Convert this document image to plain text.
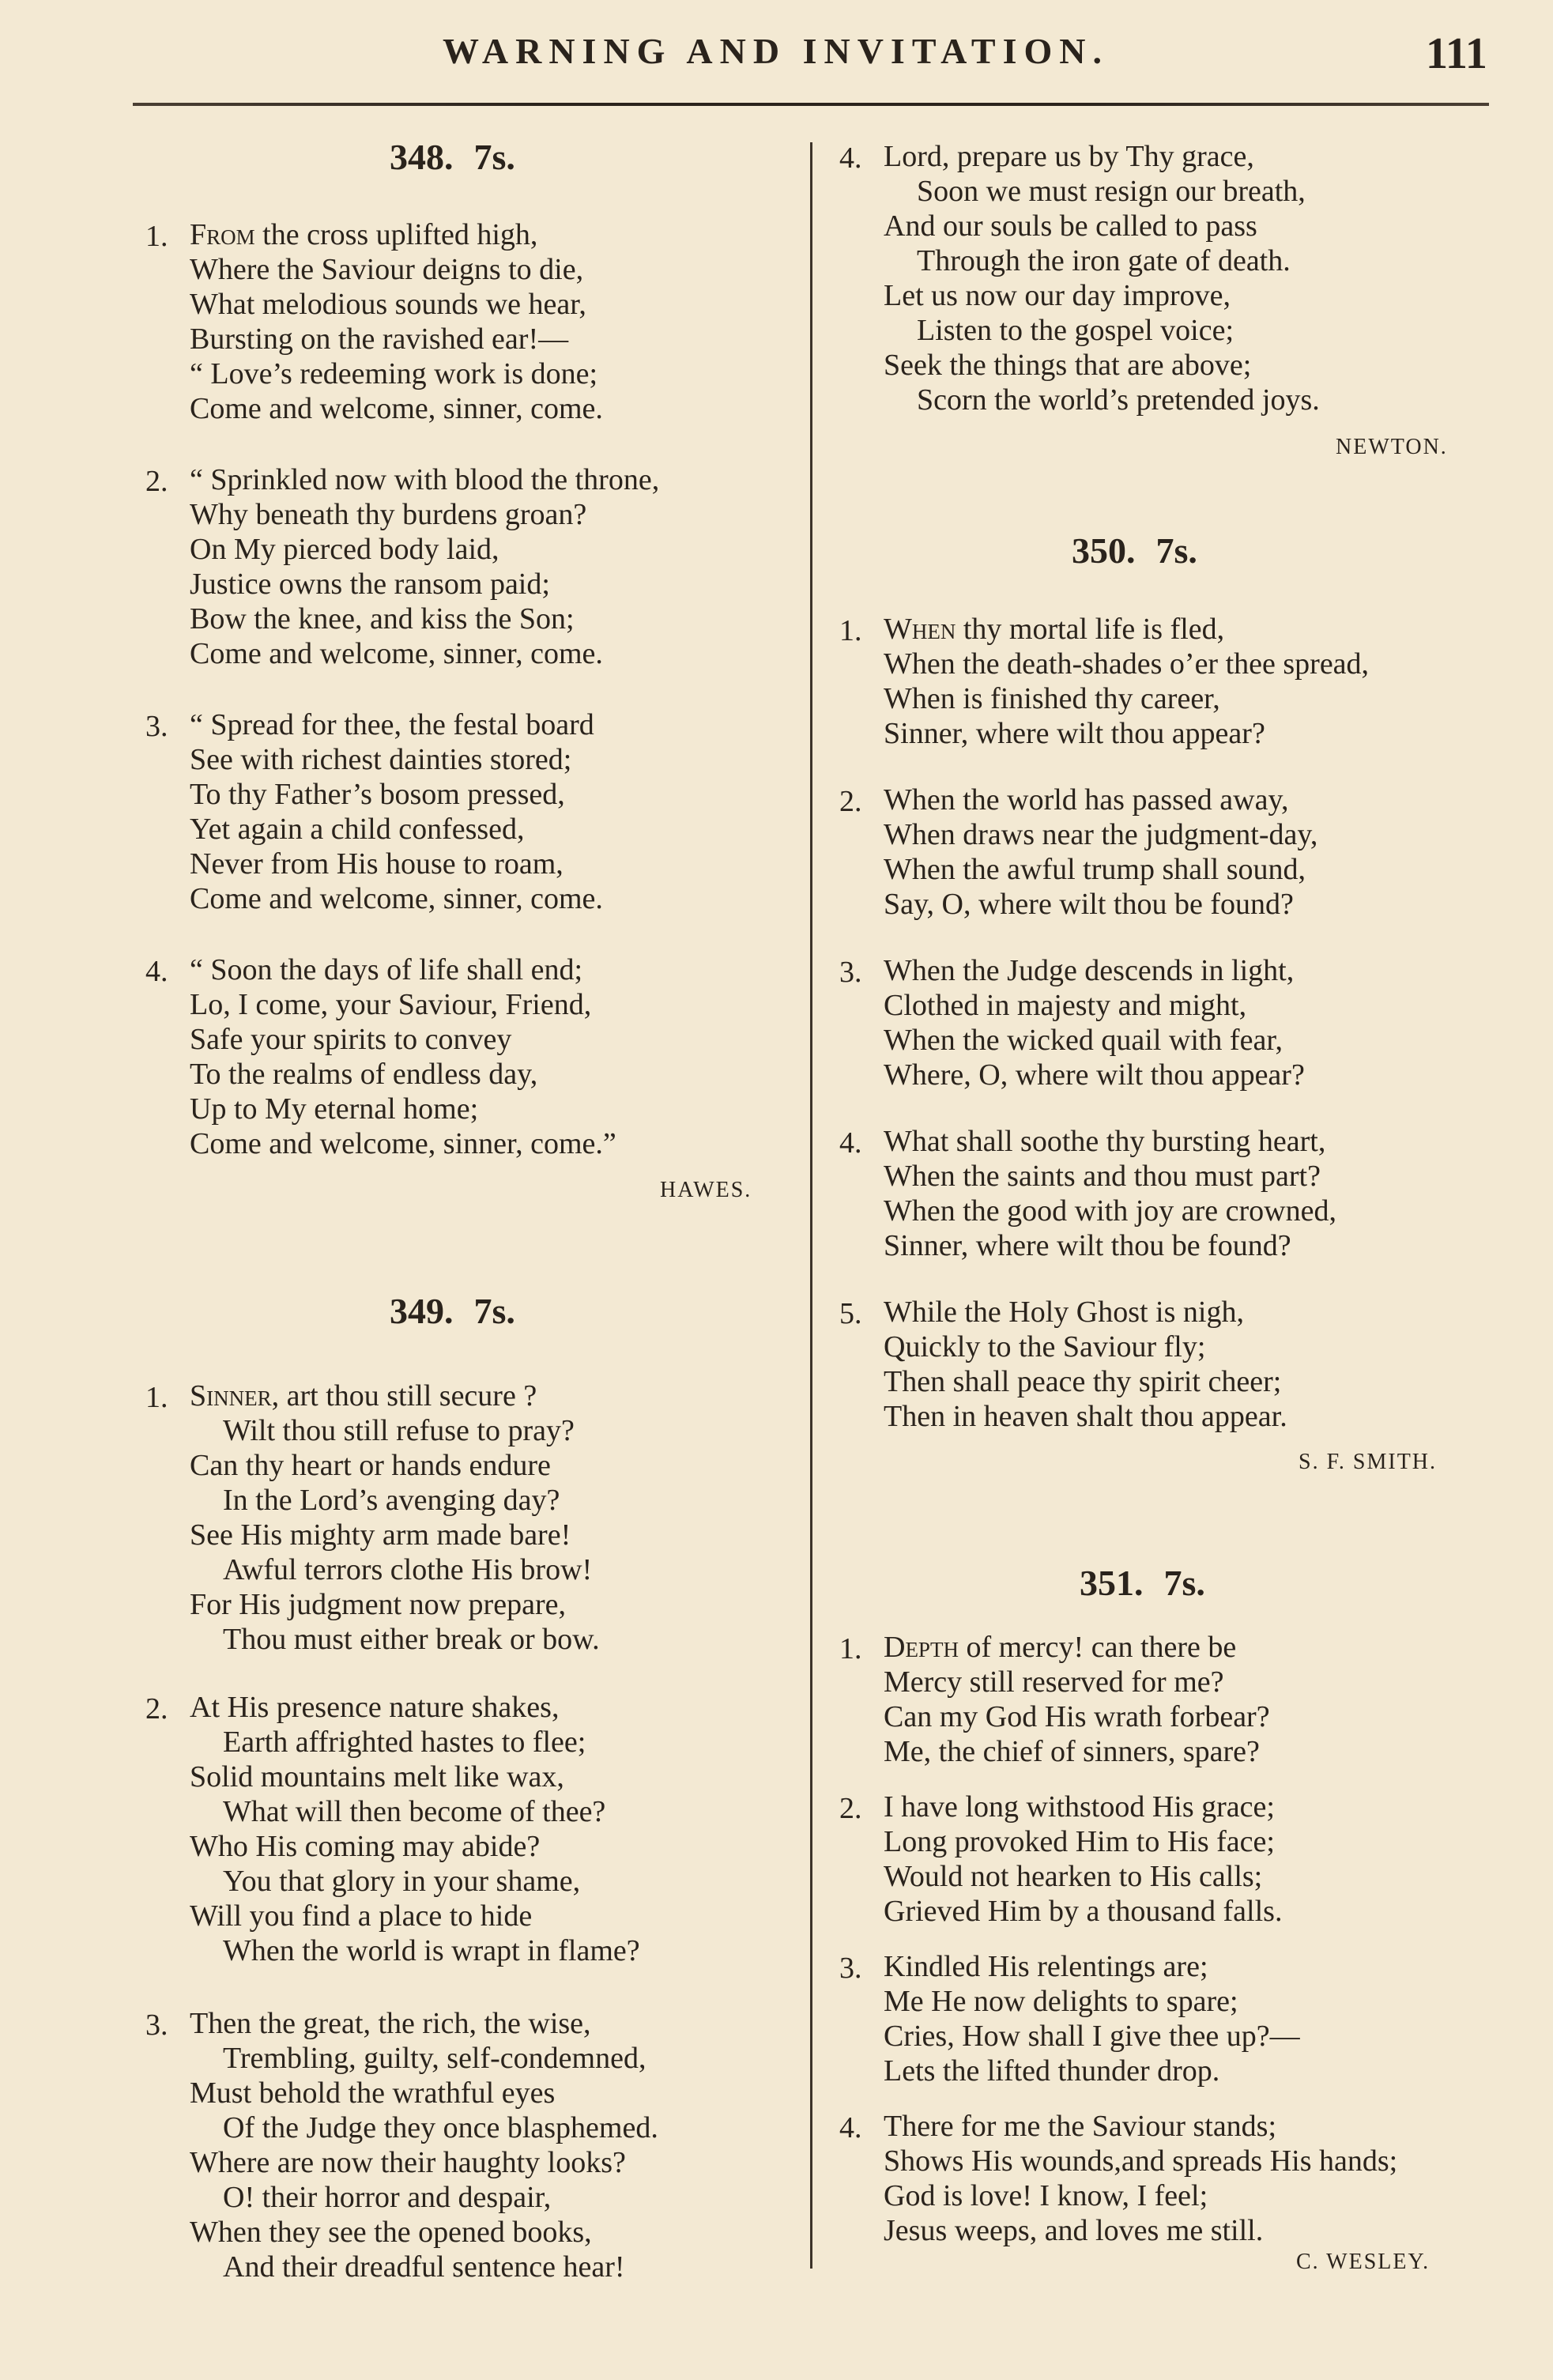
WARNING AND INVITATION.	111
348. 7s.
1. From the cross uplifted high,
Where the Saviour deigns to die,
What melodious sounds we hear,
Bursting on the ravished ear!—
“ Love’s redeeming work is done;
Come and welcome, sinner, come.
2. “ Sprinkled now with blood the throne,
Why beneath thy burdens groan?
On My pierced body laid,
Justice owns the ransom paid;
Bow the knee, and kiss the Son;
Come and welcome, sinner, come.
3. “ Spread for thee, the festal board
See with richest dainties stored;
To thy Father’s bosom pressed,
Yet again a child confessed,
Never from His house to roam,
Come and welcome, sinner, come.
4. “ Soon the days of life shall end;
Lo, I come, your Saviour, Friend,
Safe your spirits to convey
To the realms of endless day,
Up to My eternal home;
Come and welcome, sinner, come.”
HAWES.
349. 7s.
1. Sinner, art thou still secure ?
Wilt thou still refuse to pray?
Can thy heart or hands endure
In the Lord’s avenging day?
See His mighty arm made bare!
Awful terrors clothe His brow!
For His judgment now prepare,
Thou must either break or bow.
2. At His presence nature shakes,
Earth affrighted hastes to flee;
Solid mountains melt like wax,
What will then become of thee?
Who His coming may abide?
You that glory in your shame,
Will you find a place to hide
When the world is wrapt in flame?
3. Then the great, the rich, the wise,
Trembling, guilty, self-condemned,
Must behold the wrathful eyes
Of the Judge they once blasphemed.
Where are now their haughty looks?
O! their horror and despair,
When they see the opened books,
And their dreadful sentence hear!
4. Lord, prepare us by Thy grace,
Soon we must resign our breath,
And our souls be called to pass
Through the iron gate of death.
Let us now our day improve,
Listen to the gospel voice;
Seek the things that are above;
Scorn the world’s pretended joys.
NEWTON.
350. 7s.
1. When thy mortal life is fled,
When the death-shades o’er thee spread,
When is finished thy career,
Sinner, where wilt thou appear?
2. When the world has passed away,
When draws near the judgment-day,
When the awful trump shall sound,
Say, O, where wilt thou be found?
3. When the Judge descends in light,
Clothed in majesty and might,
When the wicked quail with fear,
Where, O, where wilt thou appear?
4. What shall soothe thy bursting heart,
When the saints and thou must part?
When the good with joy are crowned,
Sinner, where wilt thou be found?
5. While the Holy Ghost is nigh,
Quickly to the Saviour fly;
Then shall peace thy spirit cheer;
Then in heaven shalt thou appear.
S. F. SMITH.
351. 7s.
1. Depth of mercy! can there be
Mercy still reserved for me?
Can my God His wrath forbear?
Me, the chief of sinners, spare?
2. I have long withstood His grace;
Long provoked Him to His face;
Would not hearken to His calls;
Grieved Him by a thousand falls.
3. Kindled His relentings are;
Me He now delights to spare;
Cries, How shall I give thee up?—
Lets the lifted thunder drop.
4. There for me the Saviour stands;
Shows His wounds,and spreads His hands;
God is love! I know, I feel;
Jesus weeps, and loves me still.
C. WESLEY.
